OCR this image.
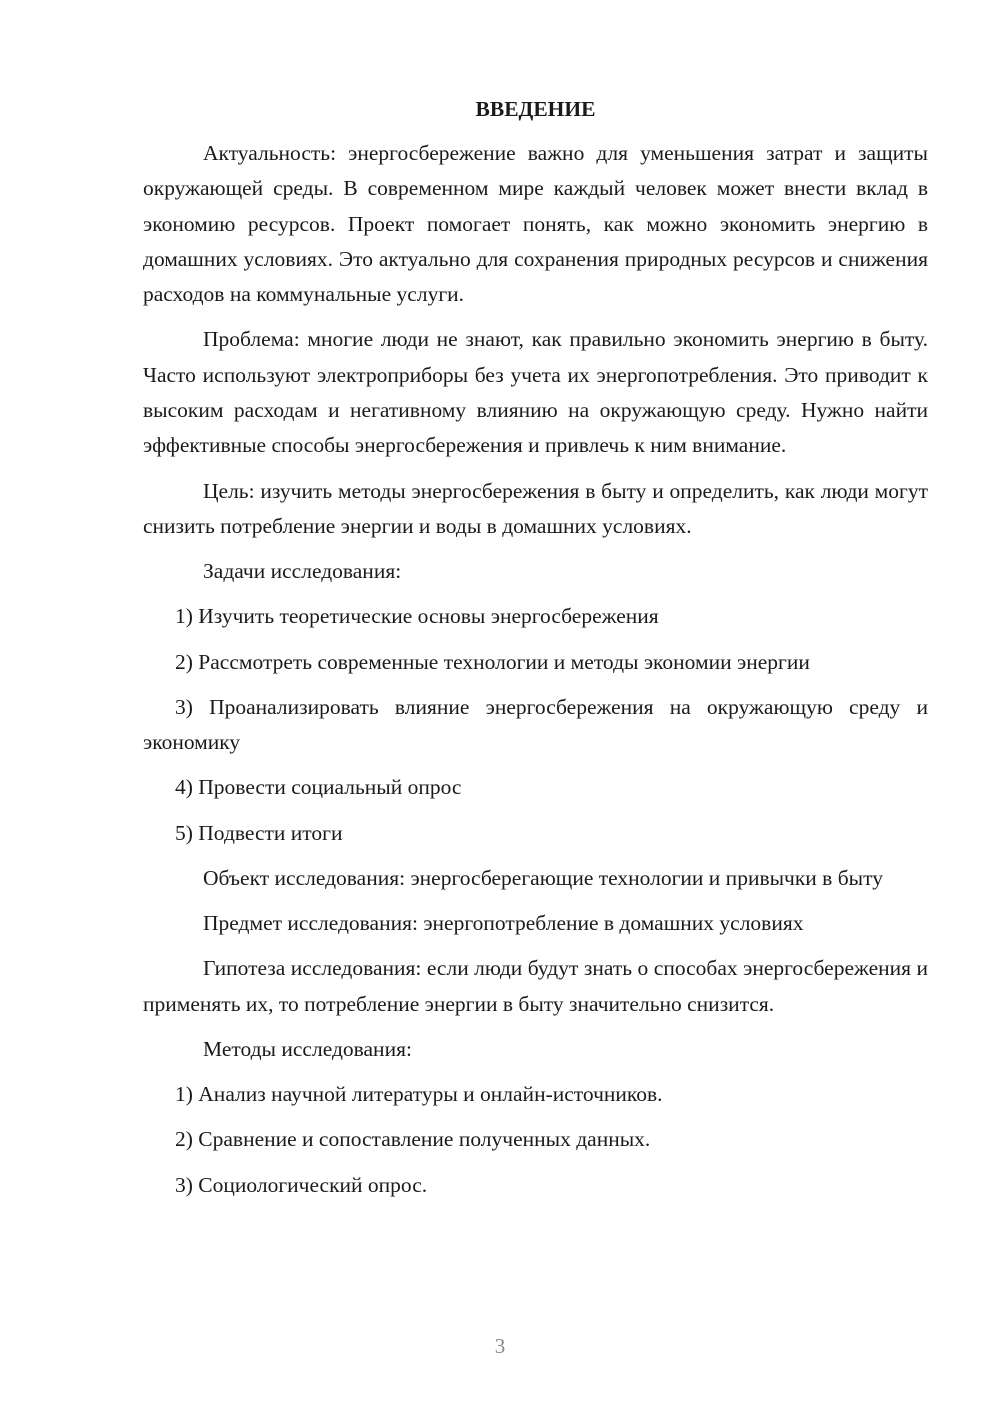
ВВЕДЕНИЕ

Актуальность: энергосбережение важно для уменьшения затрат и защиты окружающей среды. В современном мире каждый человек может внести вклад в экономию ресурсов. Проект помогает понять, как можно экономить энергию в домашних условиях. Это актуально для сохранения природных ресурсов и снижения расходов на коммунальные услуги.

Проблема: многие люди не знают, как правильно экономить энергию в быту. Часто используют электроприборы без учета их энергопотребления. Это приводит к высоким расходам и негативному влиянию на окружающую среду. Нужно найти эффективные способы энергосбережения и привлечь к ним внимание.

Цель: изучить методы энергосбережения в быту и определить, как люди могут снизить потребление энергии и воды в домашних условиях.

Задачи исследования:

1) Изучить теоретические основы энергосбережения

2) Рассмотреть современные технологии и методы экономии энергии

3) Проанализировать влияние энергосбережения на окружающую среду и экономику

4) Провести социальный опрос

5) Подвести итоги

Объект исследования: энергосберегающие технологии и привычки в быту

Предмет исследования: энергопотребление в домашних условиях

Гипотеза исследования: если люди будут знать о способах энергосбережения и применять их, то потребление энергии в быту значительно снизится.

Методы исследования:

1) Анализ научной литературы и онлайн-источников.

2) Сравнение и сопоставление полученных данных.

3) Социологический опрос.

3
